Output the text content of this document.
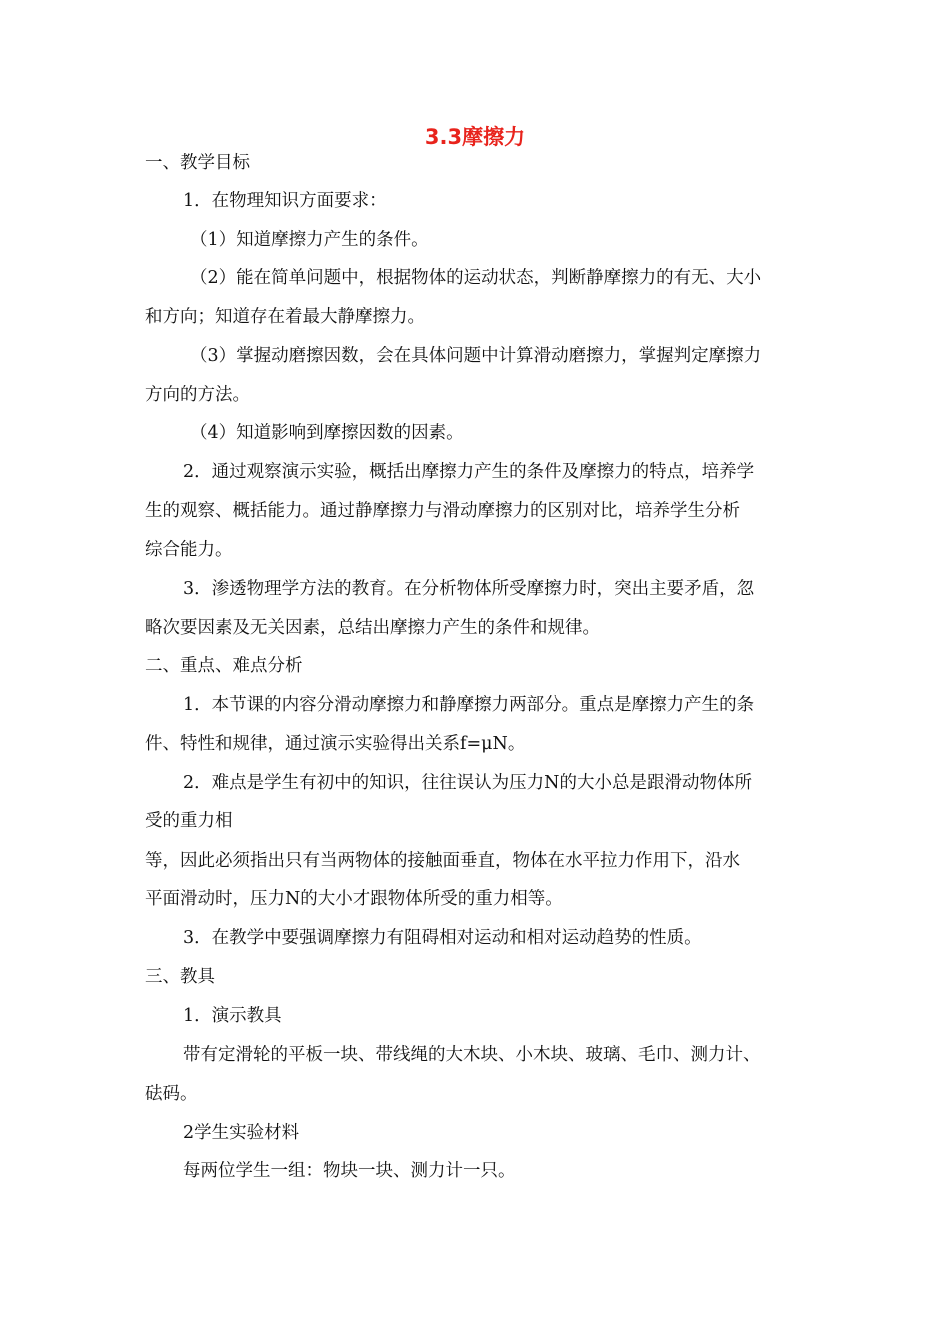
3.3摩擦力

一、教学目标

1．在物理知识方面要求：

（1）知道摩擦力产生的条件。

（2）能在简单问题中，根据物体的运动状态，判断静摩擦力的有无、大小

和方向；知道存在着最大静摩擦力。

（3）掌握动磨擦因数，会在具体问题中计算滑动磨擦力，掌握判定摩擦力

方向的方法。

（4）知道影响到摩擦因数的因素。

2．通过观察演示实验，概括出摩擦力产生的条件及摩擦力的特点，培养学

生的观察、概括能力。通过静摩擦力与滑动摩擦力的区别对比，培养学生分析

综合能力。

3．渗透物理学方法的教育。在分析物体所受摩擦力时，突出主要矛盾，忽

略次要因素及无关因素，总结出摩擦力产生的条件和规律。

二、重点、难点分析

1．本节课的内容分滑动摩擦力和静摩擦力两部分。重点是摩擦力产生的条

件、特性和规律，通过演示实验得出关系f=μN。

2．难点是学生有初中的知识，往往误认为压力N的大小总是跟滑动物体所

受的重力相

等，因此必须指出只有当两物体的接触面垂直，物体在水平拉力作用下，沿水

平面滑动时，压力N的大小才跟物体所受的重力相等。

3．在教学中要强调摩擦力有阻碍相对运动和相对运动趋势的性质。

三、教具

1．演示教具

带有定滑轮的平板一块、带线绳的大木块、小木块、玻璃、毛巾、测力计、

砝码。

2学生实验材料

每两位学生一组：物块一块、测力计一只。
